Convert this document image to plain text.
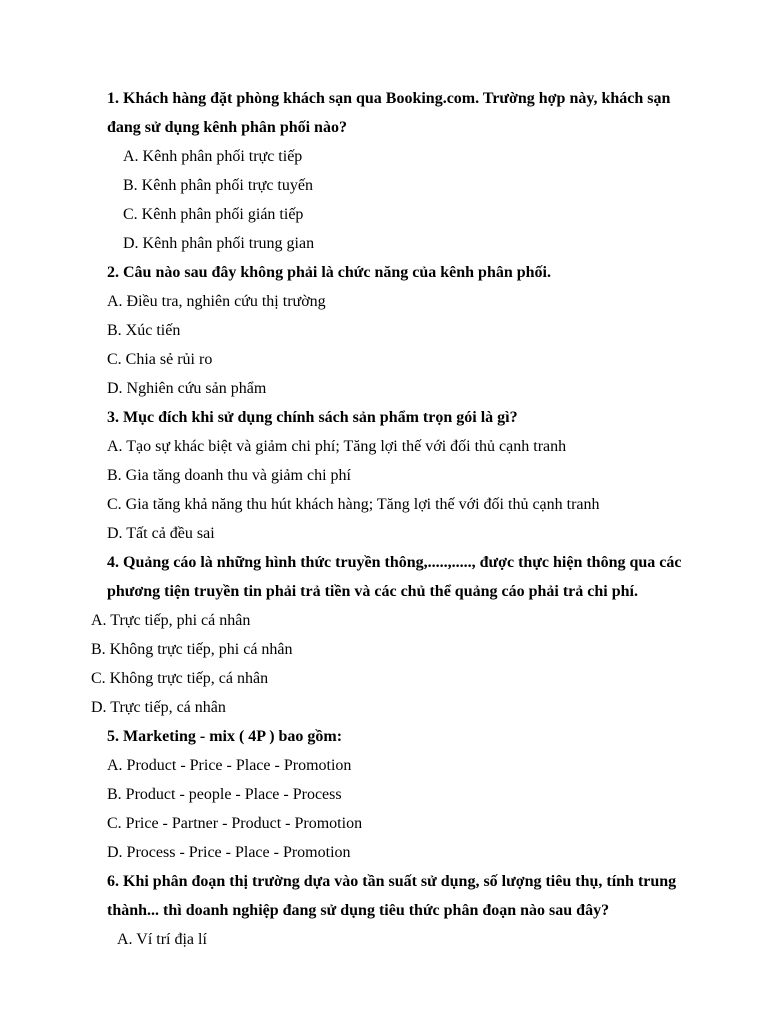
1. Khách hàng đặt phòng khách sạn qua Booking.com. Trường hợp này, khách sạn
đang sử dụng kênh phân phối nào?
A. Kênh phân phối trực tiếp
B. Kênh phân phối trực tuyến
C. Kênh phân phối gián tiếp
D. Kênh phân phối trung gian
2. Câu nào sau đây không phải là chức năng của kênh phân phối.
A. Điều tra, nghiên cứu thị trường
B. Xúc tiến
C. Chia sẻ rủi ro
D. Nghiên cứu sản phẩm
3. Mục đích khi sử dụng chính sách sản phẩm trọn gói là gì?
A. Tạo sự khác biệt và giảm chi phí; Tăng lợi thế với đối thủ cạnh tranh
B. Gia tăng doanh thu và giảm chi phí
C. Gia tăng khả năng thu hút khách hàng; Tăng lợi thế với đối thủ cạnh tranh
D. Tất cả đều sai
4. Quảng cáo là những hình thức truyền thông,.....,....., được thực hiện thông qua các
phương tiện truyền tin phải trả tiền và các chủ thể quảng cáo phải trả chi phí.
A. Trực tiếp, phi cá nhân
B. Không trực tiếp, phi cá nhân
C. Không trực tiếp, cá nhân
D. Trực tiếp, cá nhân
5. Marketing - mix ( 4P ) bao gồm:
A. Product - Price - Place - Promotion
B. Product - people - Place - Process
C. Price - Partner - Product - Promotion
D. Process - Price - Place - Promotion
6. Khi phân đoạn thị trường dựa vào tần suất sử dụng, số lượng tiêu thụ, tính trung
thành... thì doanh nghiệp đang sử dụng tiêu thức phân đoạn nào sau đây?
A. Ví trí địa lí
